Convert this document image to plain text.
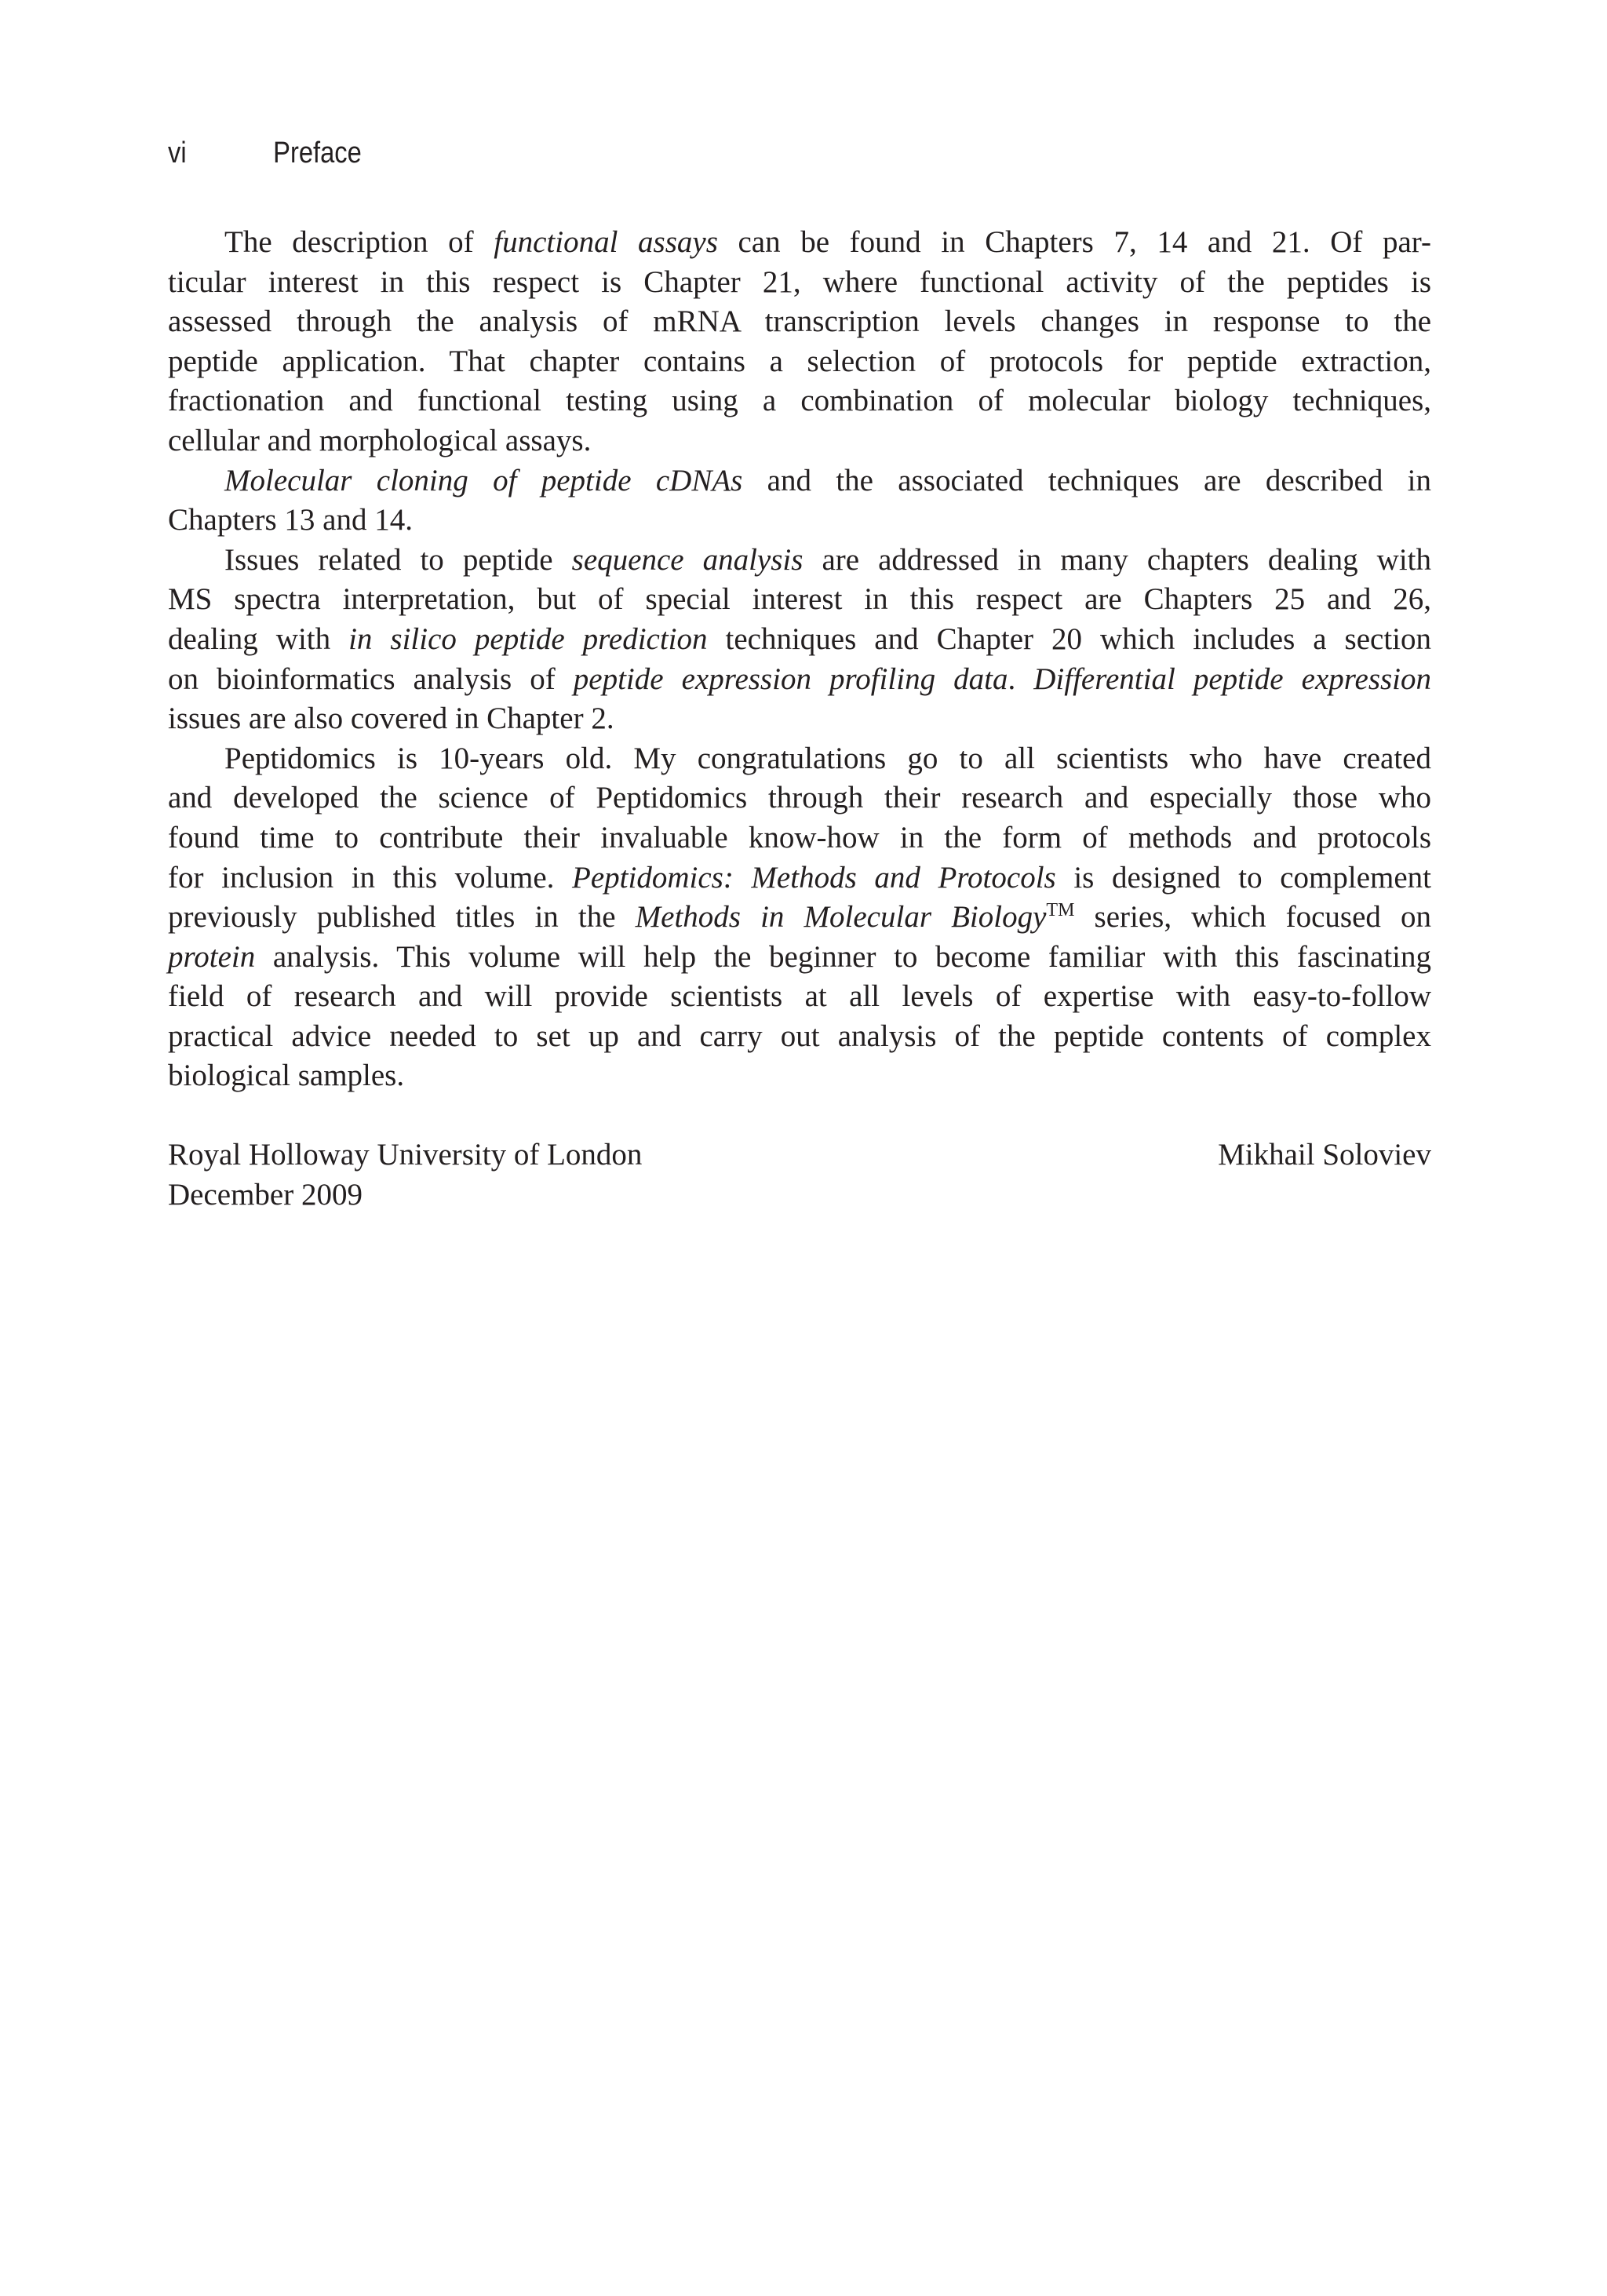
vi	Preface
The description of functional assays can be found in Chapters 7, 14 and 21. Of par-
ticular interest in this respect is Chapter 21, where functional activity of the peptides is
assessed through the analysis of mRNA transcription levels changes in response to the
peptide application. That chapter contains a selection of protocols for peptide extraction,
fractionation and functional testing using a combination of molecular biology techniques,
cellular and morphological assays.
Molecular cloning of peptide cDNAs and the associated techniques are described in
Chapters 13 and 14.
Issues related to peptide sequence analysis are addressed in many chapters dealing with
MS spectra interpretation, but of special interest in this respect are Chapters 25 and 26,
dealing with in silico peptide prediction techniques and Chapter 20 which includes a section
on bioinformatics analysis of peptide expression profiling data. Differential peptide expression
issues are also covered in Chapter 2.
Peptidomics is 10-years old. My congratulations go to all scientists who have created
and developed the science of Peptidomics through their research and especially those who
found time to contribute their invaluable know-how in the form of methods and protocols
for inclusion in this volume. Peptidomics: Methods and Protocols is designed to complement
previously published titles in the Methods in Molecular Biology™ series, which focused on
protein analysis. This volume will help the beginner to become familiar with this fascinating
field of research and will provide scientists at all levels of expertise with easy-to-follow
practical advice needed to set up and carry out analysis of the peptide contents of complex
biological samples.
Royal Holloway University of London	Mikhail Soloviev
December 2009
